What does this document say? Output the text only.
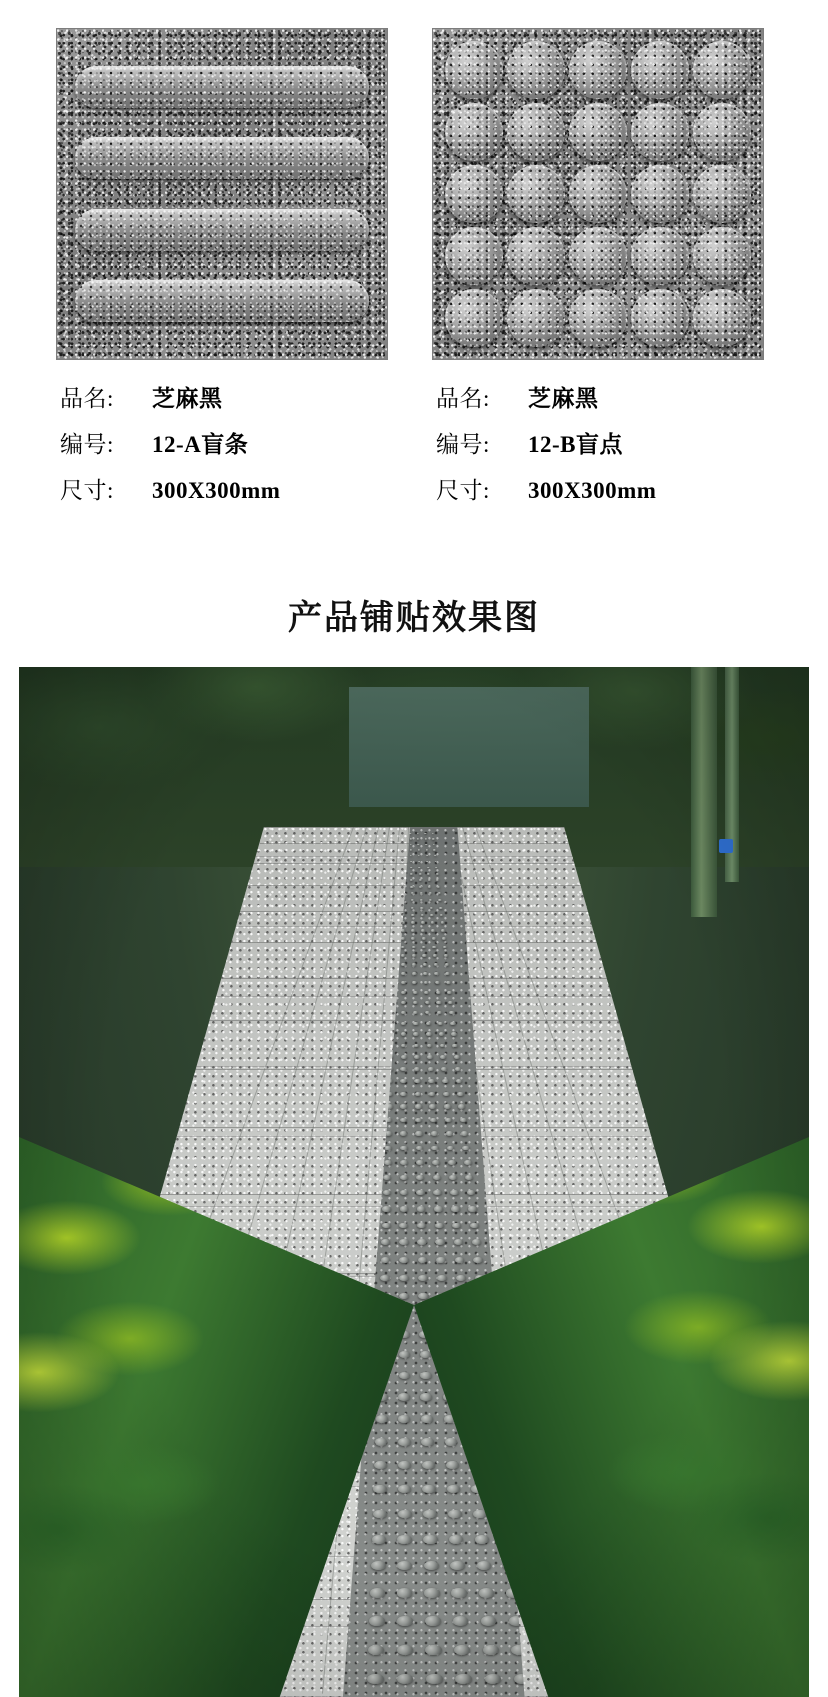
品名:	芝麻黑
编号:	12-A盲条
尺寸:	300X300mm
品名:	芝麻黑
编号:	12-B盲点
尺寸:	300X300mm
产品铺贴效果图
